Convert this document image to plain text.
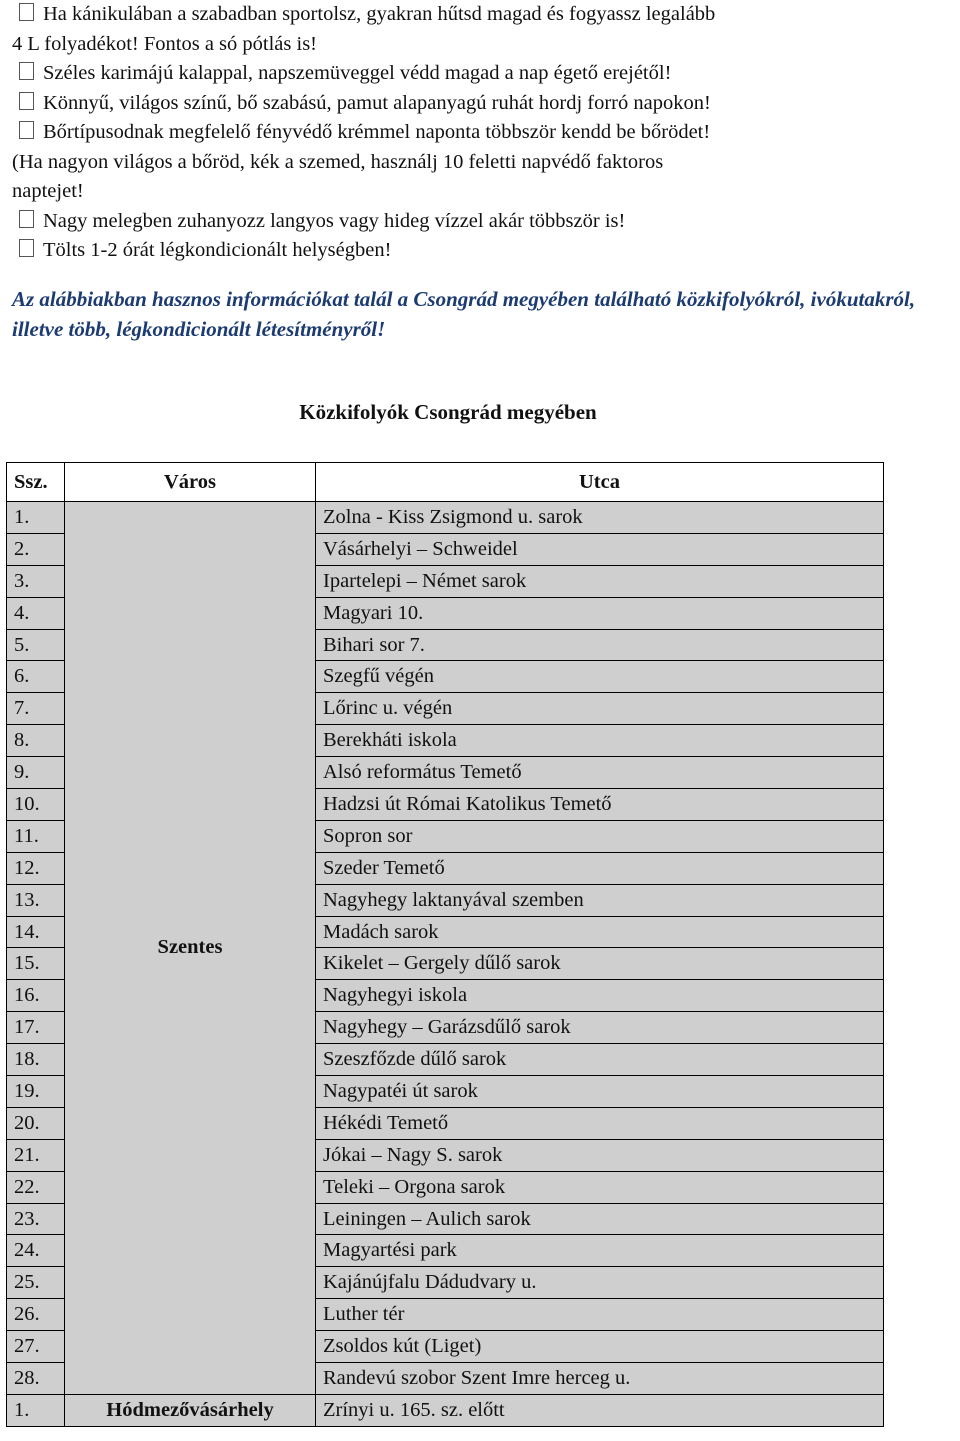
Ha kánikulában a szabadban sportolsz, gyakran hűtsd magad és fogyassz legalább
4 L folyadékot! Fontos a só pótlás is!
Széles karimájú kalappal, napszemüveggel védd magad a nap égető erejétől!
Könnyű, világos színű, bő szabású, pamut alapanyagú ruhát hordj forró napokon!
Bőrtípusodnak megfelelő fényvédő krémmel naponta többször kendd be bőrödet!
(Ha nagyon világos a bőröd, kék a szemed, használj 10 feletti napvédő faktoros
naptejet!
Nagy melegben zuhanyozz langyos vagy hideg vízzel akár többször is!
Tölts 1-2 órát légkondicionált helységben!
Az alábbiakban hasznos információkat talál a Csongrád megyében található közkifolyókról, ivókutakról, illetve több, légkondicionált létesítményről!
Közkifolyók Csongrád megyében
Ssz.	Város	Utca
1.	Szentes	Zolna - Kiss Zsigmond u. sarok
2.		Vásárhelyi – Schweidel
3.		Ipartelepi – Német sarok
4.		Magyari 10.
5.		Bihari sor 7.
6.		Szegfű végén
7.		Lőrinc u. végén
8.		Berekháti iskola
9.		Alsó református Temető
10.		Hadzsi út Római Katolikus Temető
11.		Sopron sor
12.		Szeder Temető
13.		Nagyhegy laktanyával szemben
14.		Madách sarok
15.		Kikelet – Gergely dűlő sarok
16.		Nagyhegyi iskola
17.		Nagyhegy – Garázsdűlő sarok
18.		Szeszfőzde dűlő sarok
19.		Nagypatéi út sarok
20.		Hékédi Temető
21.		Jókai – Nagy S. sarok
22.		Teleki – Orgona sarok
23.		Leiningen – Aulich sarok
24.		Magyartési park
25.		Kajánújfalu Dádudvary u.
26.		Luther tér
27.		Zsoldos kút (Liget)
28.		Randevú szobor Szent Imre herceg u.
1.	Hódmezővásárhely	Zrínyi u. 165. sz. előtt
